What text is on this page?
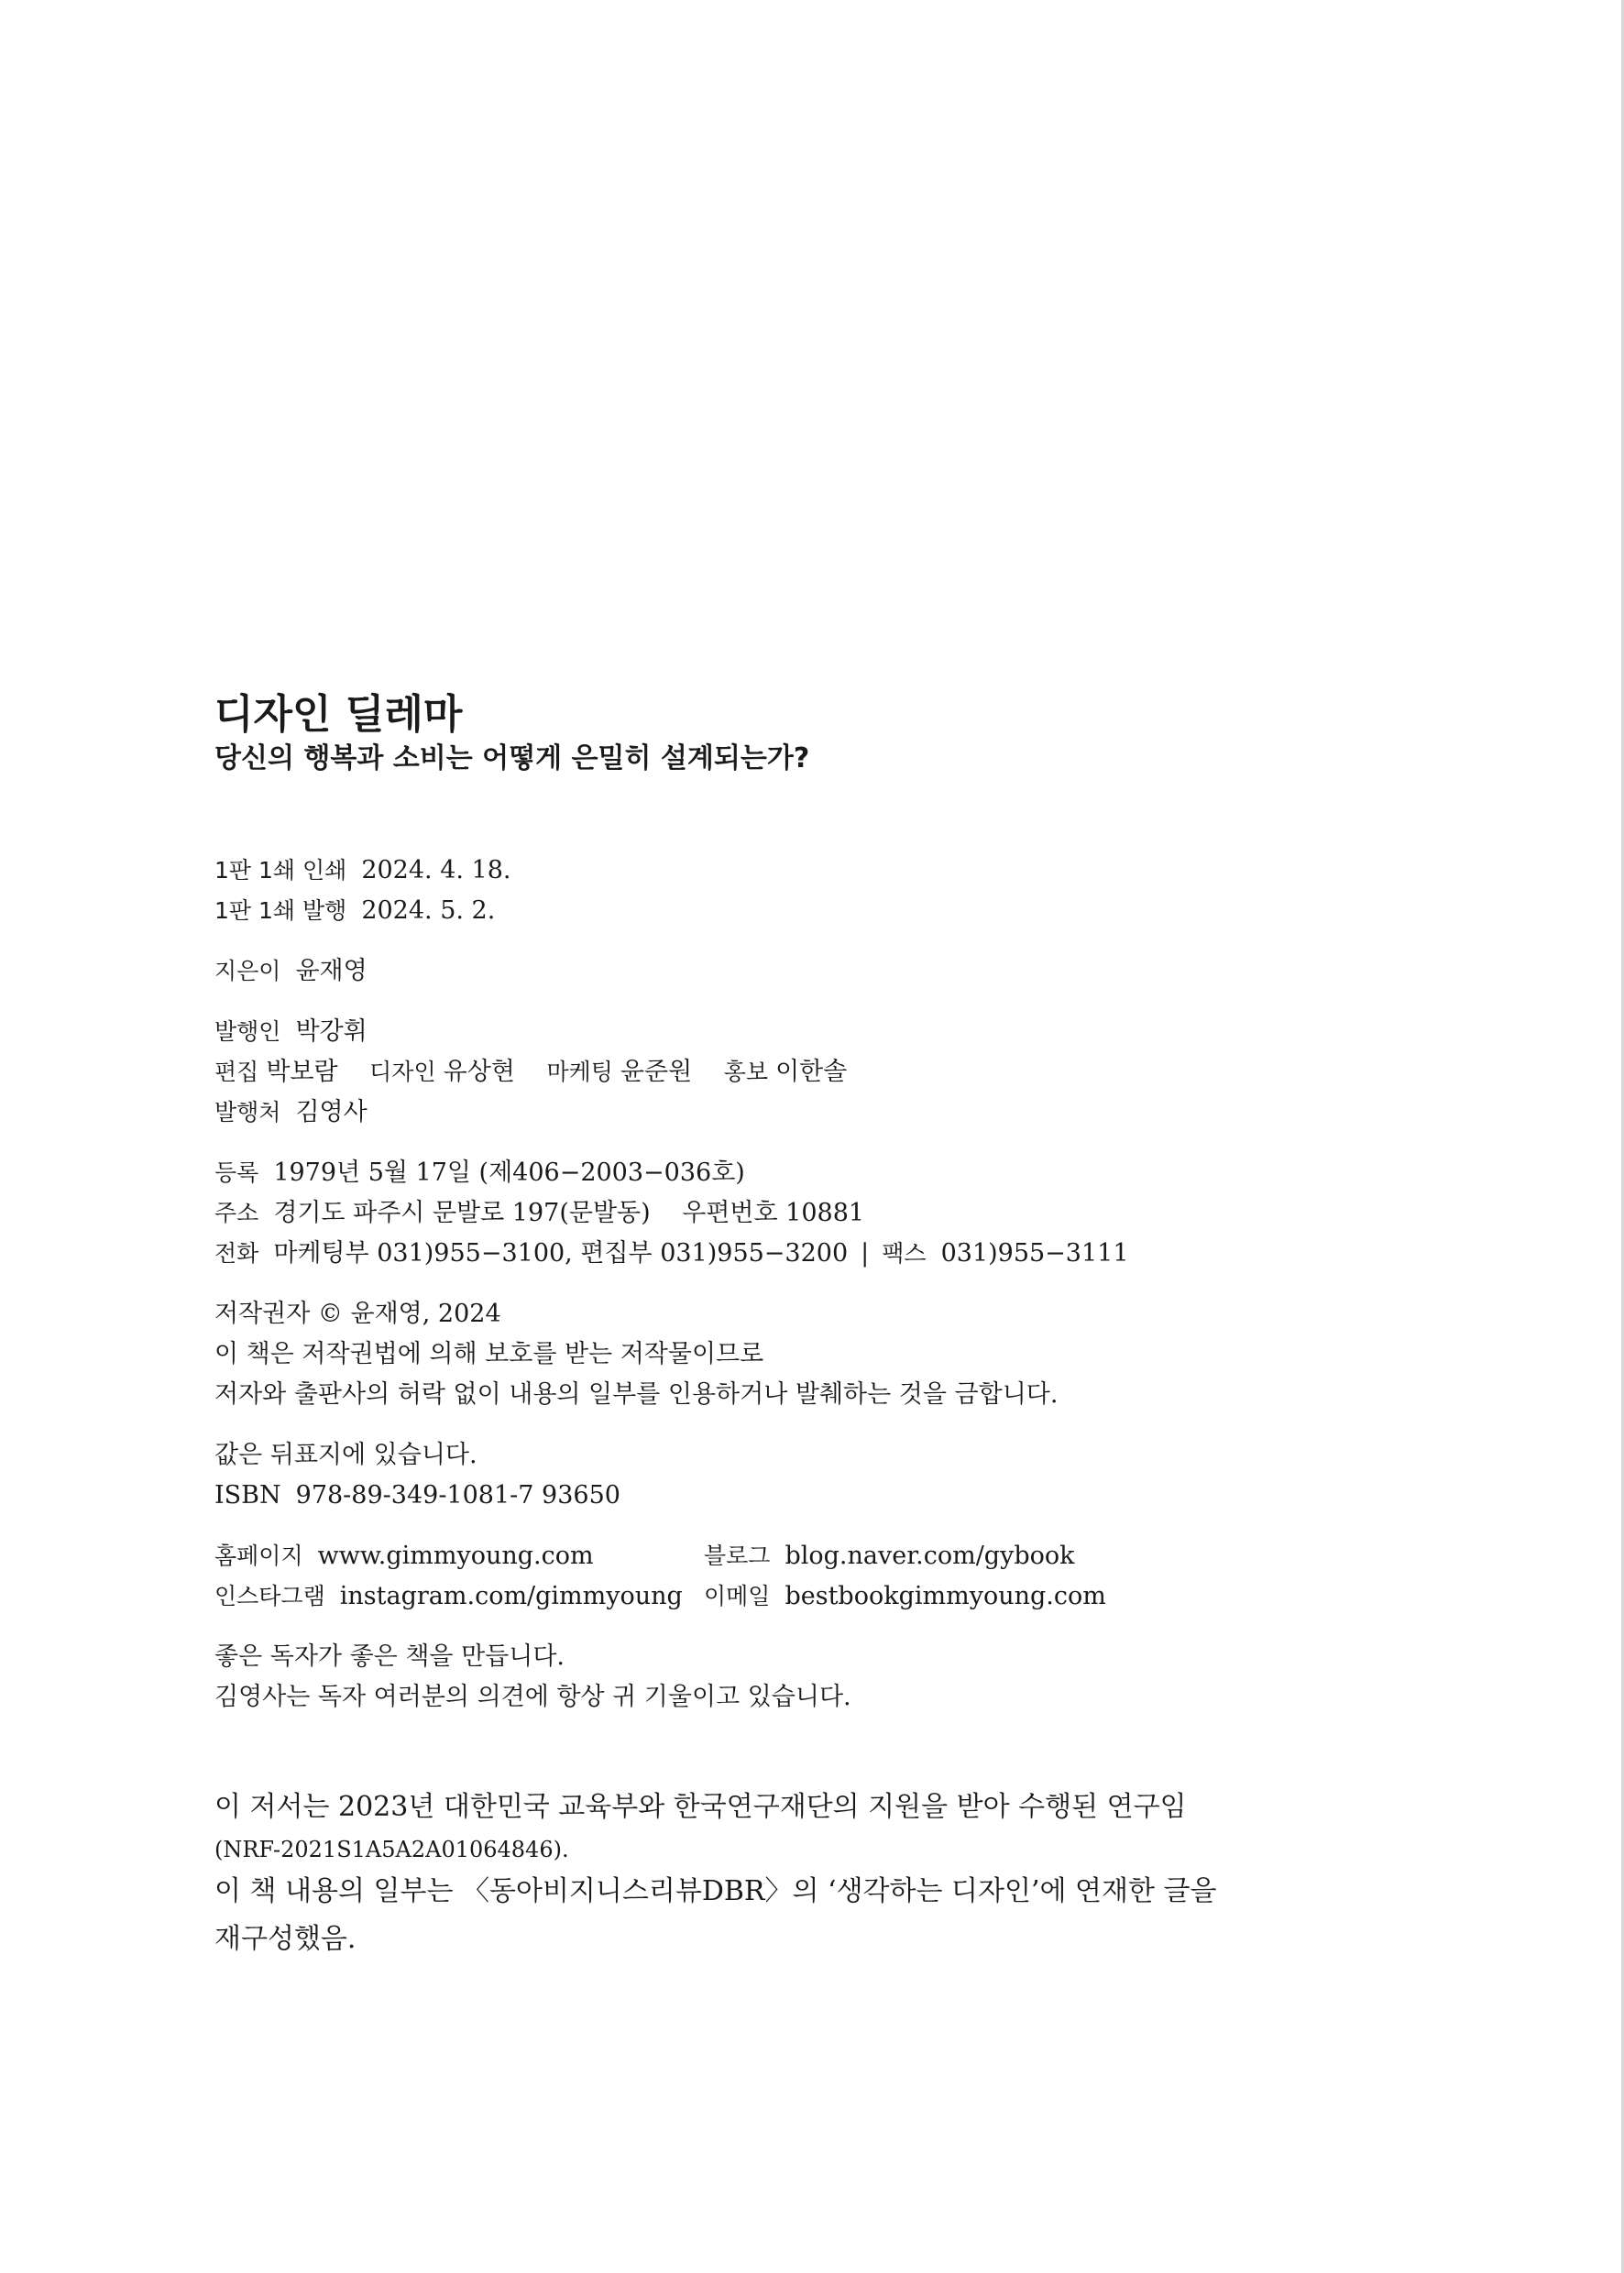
디자인 딜레마
당신의 행복과 소비는 어떻게 은밀히 설계되는가?
1판 1쇄 인쇄 2024. 4. 18.
1판 1쇄 발행 2024. 5. 2.
지은이 윤재영
발행인 박강휘
편집 박보람 디자인 유상현 마케팅 윤준원 홍보 이한솔
발행처 김영사
등록 1979년 5월 17일 (제406−2003−036호)
주소 경기도 파주시 문발로 197(문발동) 우편번호 10881
전화 마케팅부 031)955−3100, 편집부 031)955−3200 | 팩스 031)955−3111
저작권자 © 윤재영, 2024
이 책은 저작권법에 의해 보호를 받는 저작물이므로
저자와 출판사의 허락 없이 내용의 일부를 인용하거나 발췌하는 것을 금합니다.
값은 뒤표지에 있습니다.
ISBN 978-89-349-1081-7 93650
홈페이지 www.gimmyoung.com	블로그 blog.naver.com/gybook
인스타그램 instagram.com/gimmyoung 이메일 bestbookgimmyoung.com
좋은 독자가 좋은 책을 만듭니다.
김영사는 독자 여러분의 의견에 항상 귀 기울이고 있습니다.
이 저서는 2023년 대한민국 교육부와 한국연구재단의 지원을 받아 수행된 연구임
(NRF-2021S1A5A2A01064846).
이 책 내용의 일부는 〈동아비지니스리뷰DBR〉의 ‘생각하는 디자인’에 연재한 글을
재구성했음.
